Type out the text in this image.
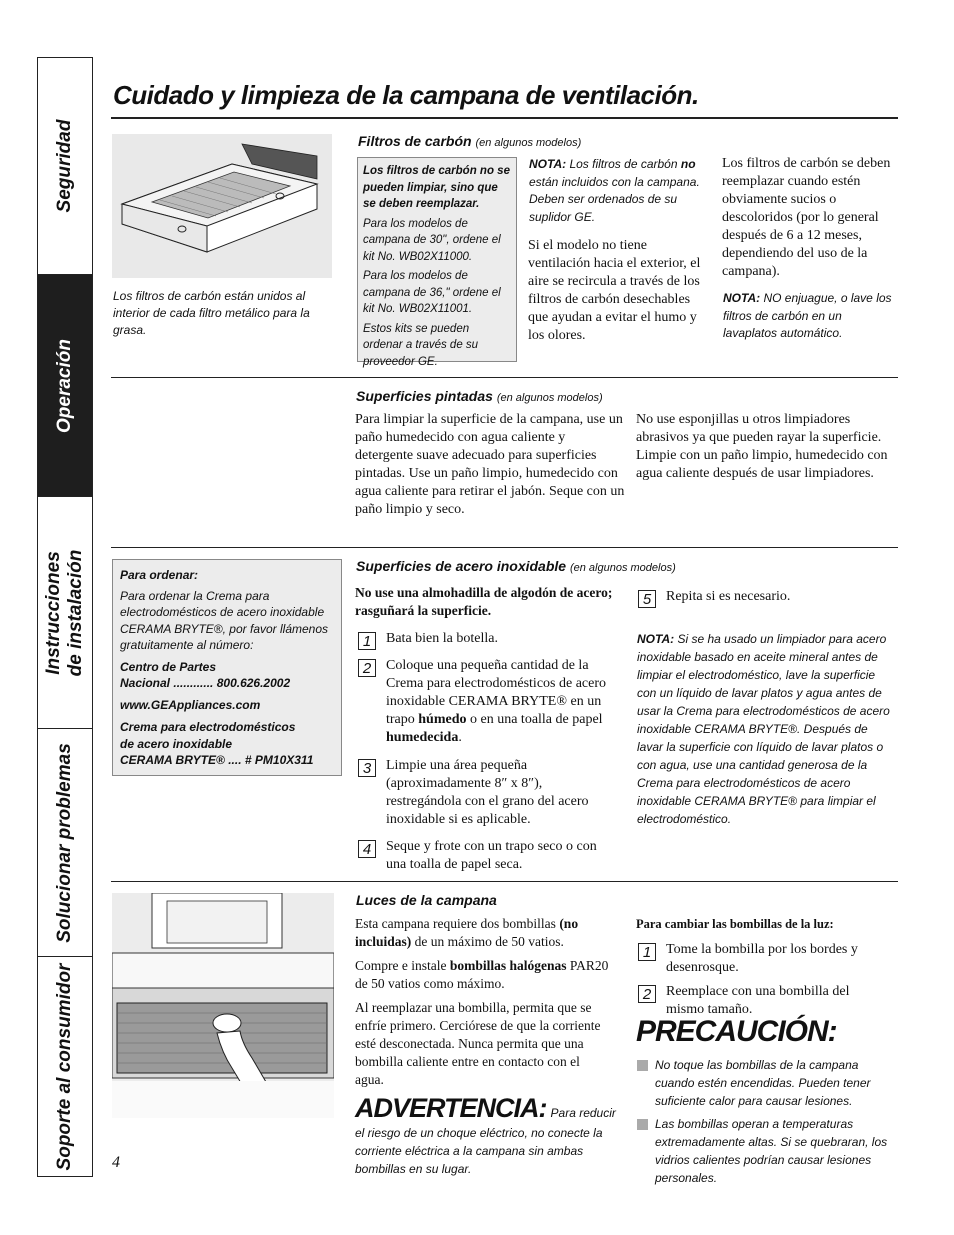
Seguridad
Operación
Instrucciones de instalación
Solucionar problemas
Soporte al consumidor
Cuidado y limpieza de la campana de ventilación.
Los filtros de carbón están unidos al interior de cada filtro metálico para la grasa.
Filtros de carbón (en algunos modelos)
Los filtros de carbón no se pueden limpiar, sino que se deben reemplazar.
Para los modelos de campana de 30", ordene el kit No. WB02X11000.
Para los modelos de campana de 36," ordene el kit No. WB02X11001.
Estos kits se pueden ordenar a través de su proveedor GE.
NOTA: Los filtros de carbón no están incluidos con la campana. Deben ser ordenados de su suplidor GE.
Si el modelo no tiene ventilación hacia el exterior, el aire se recircula a través de los filtros de carbón desechables que ayudan a evitar el humo y los olores.
Los filtros de carbón se deben reemplazar cuando estén obviamente sucios o descoloridos (por lo general después de 6 a 12 meses, dependiendo del uso de la campana).
NOTA: NO enjuague, o lave los filtros de carbón en un lavaplatos automático.
Superficies pintadas (en algunos modelos)
Para limpiar la superficie de la campana, use un paño humedecido con agua caliente y detergente suave adecuado para superficies pintadas. Use un paño limpio, humedecido con agua caliente para retirar el jabón. Seque con un paño limpio y seco.
No use esponjillas u otros limpiadores abrasivos ya que pueden rayar la superficie. Limpie con un paño limpio, humedecido con agua caliente después de usar limpiadores.
Para ordenar:
Para ordenar la Crema para electrodomésticos de acero inoxidable CERAMA BRYTE®, por favor llámenos gratuitamente al número:
Centro de Partes
Nacional ............ 800.626.2002
www.GEAppliances.com
Crema para electrodomésticos
de acero inoxidable
CERAMA BRYTE® .... # PM10X311
Superficies de acero inoxidable (en algunos modelos)
No use una almohadilla de algodón de acero; rasguñará la superficie.
1	Bata bien la botella.
2	Coloque una pequeña cantidad de la Crema para electrodomésticos de acero inoxidable CERAMA BRYTE® en un trapo húmedo o en una toalla de papel humedecida.
3	Limpie una área pequeña (aproximadamente 8″ x 8″), restregándola con el grano del acero inoxidable si es aplicable.
4	Seque y frote con un trapo seco o con una toalla de papel seca.
5	Repita si es necesario.
NOTA: Si se ha usado un limpiador para acero inoxidable basado en aceite mineral antes de limpiar el electrodoméstico, lave la superficie con un líquido de lavar platos y agua antes de usar la Crema para electrodomésticos de acero inoxidable CERAMA BRYTE®. Después de lavar la superficie con líquido de lavar platos o con agua, use una cantidad generosa de la Crema para electrodomésticos de acero inoxidable CERAMA BRYTE® para limpiar el electrodoméstico.
Luces de la campana
Esta campana requiere dos bombillas (no incluidas) de un máximo de 50 vatios.
Compre e instale bombillas halógenas PAR20 de 50 vatios como máximo.
Al reemplazar una bombilla, permita que se enfríe primero. Cerciórese de que la corriente esté desconectada. Nunca permita que una bombilla caliente entre en contacto con el agua.
ADVERTENCIA: Para reducir el riesgo de un choque eléctrico, no conecte la corriente eléctrica a la campana sin ambas bombillas en su lugar.
Para cambiar las bombillas de la luz:
1	Tome la bombilla por los bordes y desenrosque.
2	Reemplace con una bombilla del mismo tamaño.
PRECAUCIÓN:
No toque las bombillas de la campana cuando estén encendidas. Pueden tener suficiente calor para causar lesiones.
Las bombillas operan a temperaturas extremadamente altas. Si se quebraran, los vidrios calientes podrían causar lesiones personales.
4
